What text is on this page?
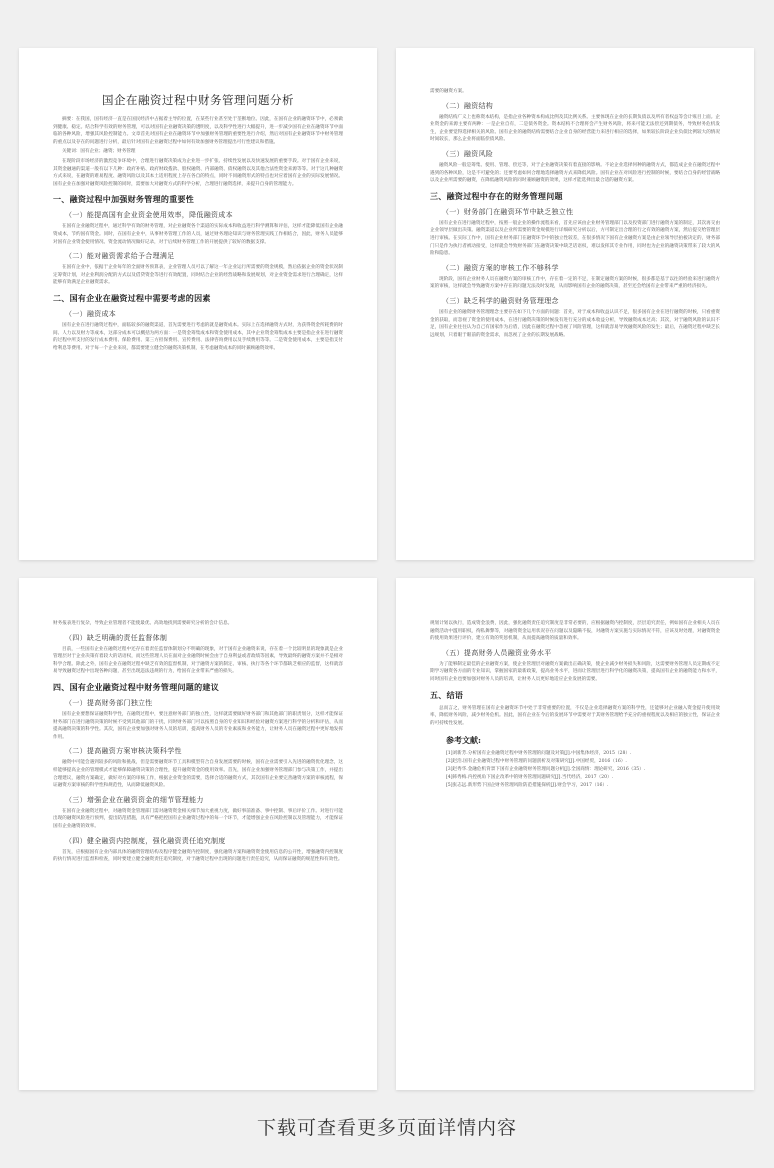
国企在融资过程中财务管理问题分析

摘要：在我国，国有经济一直是在国民经济中占据着主导的位置，在某些行业甚至处于垄断地位。因此，在国有企业的融资环节中，必须做到健康、稳定。结合科学有效的财务管理，可以对国有企业融资决策的透明度，以及科学性进行大幅提升，进一步减少国有企业在融资环节中面临的各种风险，增强其风险控制能力。文章首先对国有企业在融资环节中加强财务管理的重要性进行介绍，然后对国有企业融资环节中财务管理的重点以及存在的问题进行分析，最后针对国有企业融资过程中如何有效加强财务管理提出可行性建议和措施。

关键词：国有企业；融资；财务管理

在现阶段市场经济的激烈竞争环境中，合理进行融资决策成为企业进一步扩张、持续性发展以及快速发展的重要手段。对于国有企业来说，其资金融通的渠道一般有以下几种：政府补贴、政府财政拨款、股权融资、内部融资、债权融资以及其他合法性资金来源等等。对于这几种融资方式来说，在融资的难易程度、融资风险以及其本土适用程度上存在各自的特点，同时不同融资形式的特点也对应着国有企业的实际发展情况。国有企业在加强对融资风险控制的同时，需要加大对融资方式的科学分析，合理进行融资选择，来提升自身的管理能力。

一、融资过程中加强财务管理的重要性
（一）能提高国有企业资金使用效率，降低融资成本

在国有企业融资过程中，通过科学有效的财务管理，对企业融资各个渠道的实际成本和收益进行科学测算和评估，这样才能降低国有企业融资成本，节约国有资金。同时，在国有企业中，从事财务管理工作的人员，通过财务理论知识与财务管理实践工作相结合，因此，财务人员能够对国有企业资金使用情况、资金流动情况做好记录，对于后续财务管理工作的开展提供了较好的数据支撑。

（二）能对融资需求给予合理满足

在国有企业中，依据于企业每年的全面财务预算表，企业管理人员可以了解这一年企业运行所需要的资金规模，然后依据企业的资金状况制定筹资计划，对企业利润分配的方式以及借贷资金等进行有效配置，同时结合企业的经营战略和发展规划，对企业资金需求进行合理确定，这样能够有效满足企业融资需求。

二、国有企业在融资过程中需要考虑的因素
（一）融资成本

国有企业在进行融资过程中，面临较多的融资渠道，首先需要进行考虑的就是融资成本。实际上在选择融资方式时，为获得资金所耗费的时间、人力以及财力等成本，这部分成本可以概括为两方面：一是资金筹集成本和资金使用成本，其中企业资金筹集成本主要是指企业在进行融资的过程中所支付的发行成本费用、保险费用、第三方担保费用、宣传费用、法律咨询费用以及手续费用等等。二是资金使用成本，主要是指支付给利息等费用。对于每一个企业来说，都需要建立健全的融资决策机制，在考虑融资成本的同时兼顾融资效率。

需要的融资方案。

（二）融资结构

融资结构广义上也称资本结构，是指企业各种资本构成比例及其比例关系。主要体现在企业的长期负债以及所有者权益等会计账目上面。企业资金的来源主要有两种：一是企业自有，二是债务资金。资本结构不合理将会产生财务风险，将来可能无法偿还到期债务，导致财务危机发生，企业要觉得选择相关的风险。国有企业的融资结构需要结合企业自身的经营能力来进行相应的选择，如果较长阶段企业负债比例较大的情况时间较长，那么企业将面临偿债风险。

（三）融资风险

融资风险一般是筹集、使用、管理、偿还等，对于企业融资决策有着直接的影响。不论企业选择何种的融资方式，都造成企业在融资过程中遇到的各种风险，这是不可避免的；还要考虑如何合理地选择融资方式来降低风险。国有企业在对风险进行控制的时候，要结合自身的经营战略以及企业所需要的融资，在降低融资风险的同时兼顾融资的效果，这样才能选择出最合适的融资方案。

三、融资过程中存在的财务管理问题
（一）财务部门在融资环节中缺乏独立性

国有企业在进行融资过程中，按照一般企业的操作流程来看，首先应该由企业财务管理部门以及投资部门进行融资方案的制定，其次再交由企业领导层做出决策。融资渠道以及企业所需要的资金规模进行详细研究分析以后，方可制定出合理的行之有效的融资方案，然后提交给管理层进行审核。在实际工作中，国有企业财务部门在融资环节中的独立性较差，在很多情况下国有企业融资方案是由企业领导层拍板决定的，财务部门只是作为执行者被动接受，这样就会导致财务部门在融资决策中缺乏话语权，难以发挥其专业作用，同时也为企业的融资决策带来了较大的风险和隐患。

（二）融资方案的审核工作不够科学

现阶段，国有企业财务人员在融资方案的审核工作中，存在着一定的不足，在制定融资方案的时候，很多都是基于以往的经验来进行融资方案的审核，这样就会导致融资方案中存在的问题无法及时发现，从而影响国有企业的融资决策，甚至还会给国有企业带来严重的经济损失。

（三）缺乏科学的融资财务管理理念

国有企业的融资财务管理理念主要存在如下几个方面的问题：首先，对于成本和收益认识不足，很多国有企业在进行融资的时候，只看重资金的获取，而忽视了资金的使用成本，在进行融资决策的时候没有进行充分的成本收益分析，导致融资成本过高；其次，对于融资风险的认识不足，国有企业往往认为自己有国家作为后盾，因此在融资过程中忽视了风险管理，这样就容易导致融资风险的发生；最后，在融资过程中缺乏长远规划，只着眼于眼前的资金需求，而忽视了企业的长期发展战略。

财务报表进行复杂，导致企业管理者不能使最优、高效地找到需要研究分析的会计信息。

（四）缺乏明确的责任监督体制

目前，一些国有企业在融资过程中还存在着责任监督体制划分不明确的现象，对于国有企业融资来说，存在着一个比较明显的现象就是企业管理层对于企业决策有着较大的话语权，而这些管理人员在面对企业融资时候会由于自身利益或者政绩等因素，导致最终的融资方案并不是相对科学合理。除此之外，国有企业在融资过程中缺乏有效的监督机制，对于融资方案的制定、审核、执行等各个环节都缺乏相应的监督，这样就容易导致融资过程中出现各种问题，甚至出现违法违规的行为，给国有企业带来严重的损失。

四、国有企业融资过程中财务管理问题的建议
（一）提高财务部门独立性

国有企业要想保证融资科学性，在融资过程中，要注意财务部门的独立性，这样就需要做好财务部门和其他部门的职责划分，这样才能保证财务部门在进行融资决策的时候不受到其他部门的干扰，同时财务部门可以按照自身的专业知识和经验对融资方案进行科学的分析和评估，从而提高融资决策的科学性。其次，国有企业要加强对财务人员的培训，提高财务人员的专业素质和业务能力，让财务人员在融资过程中更好地发挥作用。

（二）提高融资方案审核决策科学性

融资中可能会遇到较多的风险和挑战，但是需要融资环节工具和模型符合自身发展需要的时候，国有企业需要引入先进的融资优化理念，这样能够提高企业的管理模式才能够保障融资决策的合理性，提升融资资金的使用效率。首先，国有企业加强财务管理部门参与决策工作，并提出合理建议，融资方案确定，做好对方案的审核工作，根据企业资金的需要，选择合适的融资方式，其次国有企业要完善融资方案的审核流程，保证融资方案审核的科学性和规范性，从而降低融资风险。

（三）增强企业在融资资金的细节管理能力

在国有企业融资过程中，对融资资金管理部门需对融资资金相关细节加大重视力度，做好事前准备、事中控制、事后评价工作。对进行可能出现的融资风险进行预判，提出防范措施，具有严格把控国有企业融资过程中的每一个环节，才能增强企业在风险控制以及管理能力，才能保证国有企业融资的效率。

（四）健全融资内控制度，强化融资责任追究制度

首先，应根据国有企业内部具体的融资管理结构及程序健全融资内控制度，强化融资方案和融资资金使用信息的公开性，增强融资内控制度的执行情况进行监督和检查，同时要建立健全融资责任追究制度，对于融资过程中出现的问题进行责任追究，从而保证融资的规范性和有效性。

规划计划以执行，造成资金浪费，因此，强化融资责任追究制度是非常必要的，应根据融资内控制度，层层追究责任，例如国有企业相关人员在融资活动中滥用职权，徇私舞弊等，对融资资金运用状况存在问题以及隐瞒不报，对融资方案实施与实际情况不符，应该及时处理，对融资资金的使用效果进行评价，建立有效的奖惩机制，从而提高融资的质量和效率。

（五）提高财务人员融资业务水平

为了能够制定最佳的企业融资方案，使企业管理层对融资方案做出正确决策，使企业减少财务损失和风险，这需要财务管理人员定期或不定期学习融资各方面的专业知识，掌握国家的最新政策，提高业务水平，进而让管理层进行科学化的融资决策，提高国有企业的融资能力和水平，同时国有企业也要加强对财务人员的培训，让财务人员更好地适应企业发展的需要。

五、结语

总而言之，财务管理在国有企业融资环节中处于非常重要的位置，不仅是企业选择融资方案的科学性，还能够对企业融入资金提升使用效率，降低财务风险，减少财务危机。因此，国有企业在今后的发展环节中需要对于其财务管理给予充分的重视程度以及相应的独立性，保证企业的可持续性发展。

参考文献:
[1]刘新芳.分析国有企业融资过程中财务管理的问题及对策[J].中国集体经济，2015（28）.
[2]赵浩.国有企业融资过程中财务管理的问题剖析及对策研究[J].中国经贸，2016（16）.
[3]赵秀华.金融危机背景下国有企业融资财务管理问题分析[J].全国商情：理论研究，2016（35）.
[4]韩秀梅.内控视角下国企改革中的财务管理问题研究[J].当代经济，2017（20）.
[5]张志远.新形势下国企财务管理风险防范措施探析[J].财会学习，2017（16）.
下载可查看更多页面详情内容
